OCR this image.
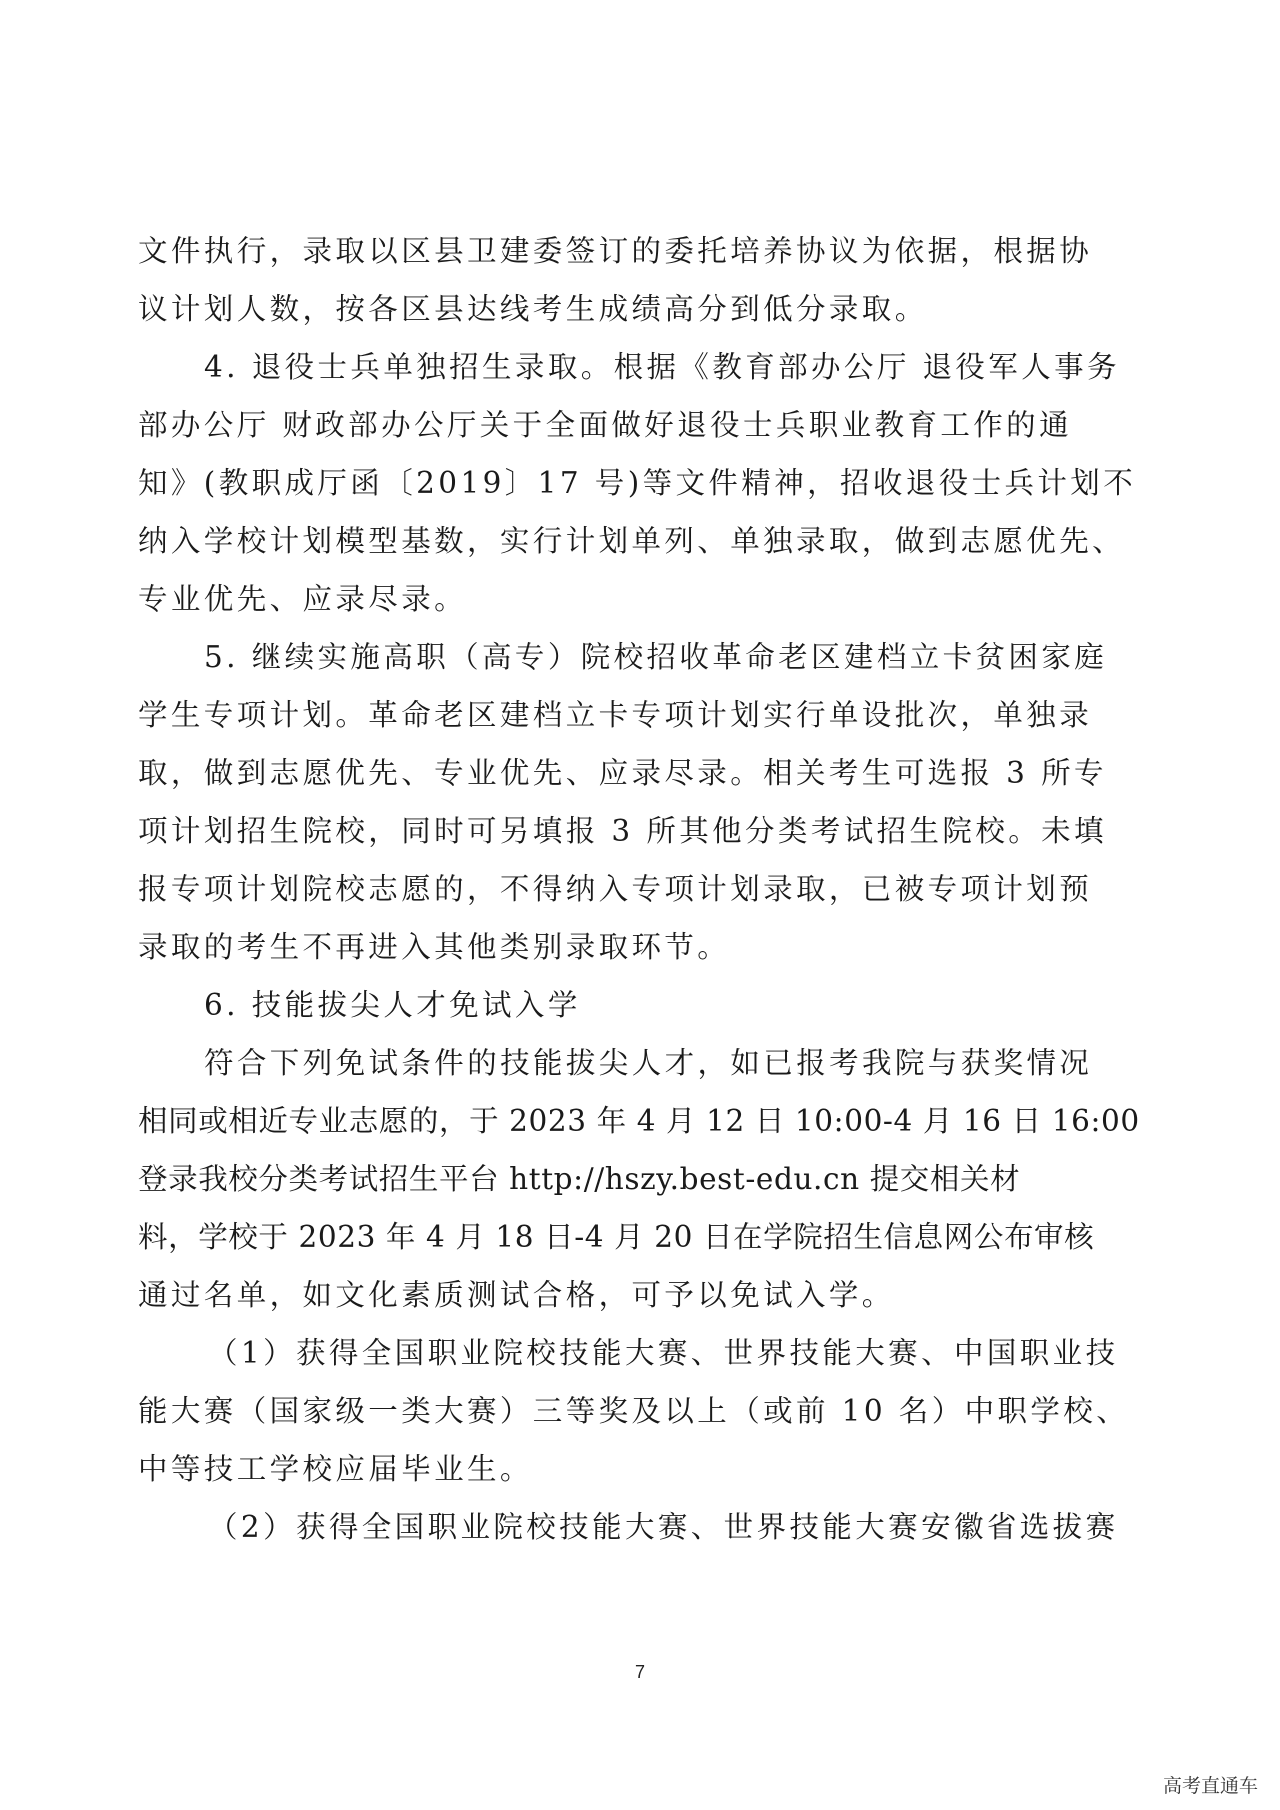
文件执行，录取以区县卫建委签订的委托培养协议为依据，根据协
议计划人数，按各区县达线考生成绩高分到低分录取。
4. 退役士兵单独招生录取。根据《教育部办公厅 退役军人事务
部办公厅 财政部办公厅关于全面做好退役士兵职业教育工作的通
知》(教职成厅函〔2019〕17 号)等文件精神，招收退役士兵计划不
纳入学校计划模型基数，实行计划单列、单独录取，做到志愿优先、
专业优先、应录尽录。
5. 继续实施高职（高专）院校招收革命老区建档立卡贫困家庭
学生专项计划。革命老区建档立卡专项计划实行单设批次，单独录
取，做到志愿优先、专业优先、应录尽录。相关考生可选报 3 所专
项计划招生院校，同时可另填报 3 所其他分类考试招生院校。未填
报专项计划院校志愿的，不得纳入专项计划录取，已被专项计划预
录取的考生不再进入其他类别录取环节。
6. 技能拔尖人才免试入学
符合下列免试条件的技能拔尖人才，如已报考我院与获奖情况
相同或相近专业志愿的，于 2023 年 4 月 12 日 10:00-4 月 16 日 16:00
登录我校分类考试招生平台 http://hszy.best-edu.cn 提交相关材
料，学校于 2023 年 4 月 18 日-4 月 20 日在学院招生信息网公布审核
通过名单，如文化素质测试合格，可予以免试入学。
（1）获得全国职业院校技能大赛、世界技能大赛、中国职业技
能大赛（国家级一类大赛）三等奖及以上（或前 10 名）中职学校、
中等技工学校应届毕业生。
（2）获得全国职业院校技能大赛、世界技能大赛安徽省选拔赛
7
高考直通车
